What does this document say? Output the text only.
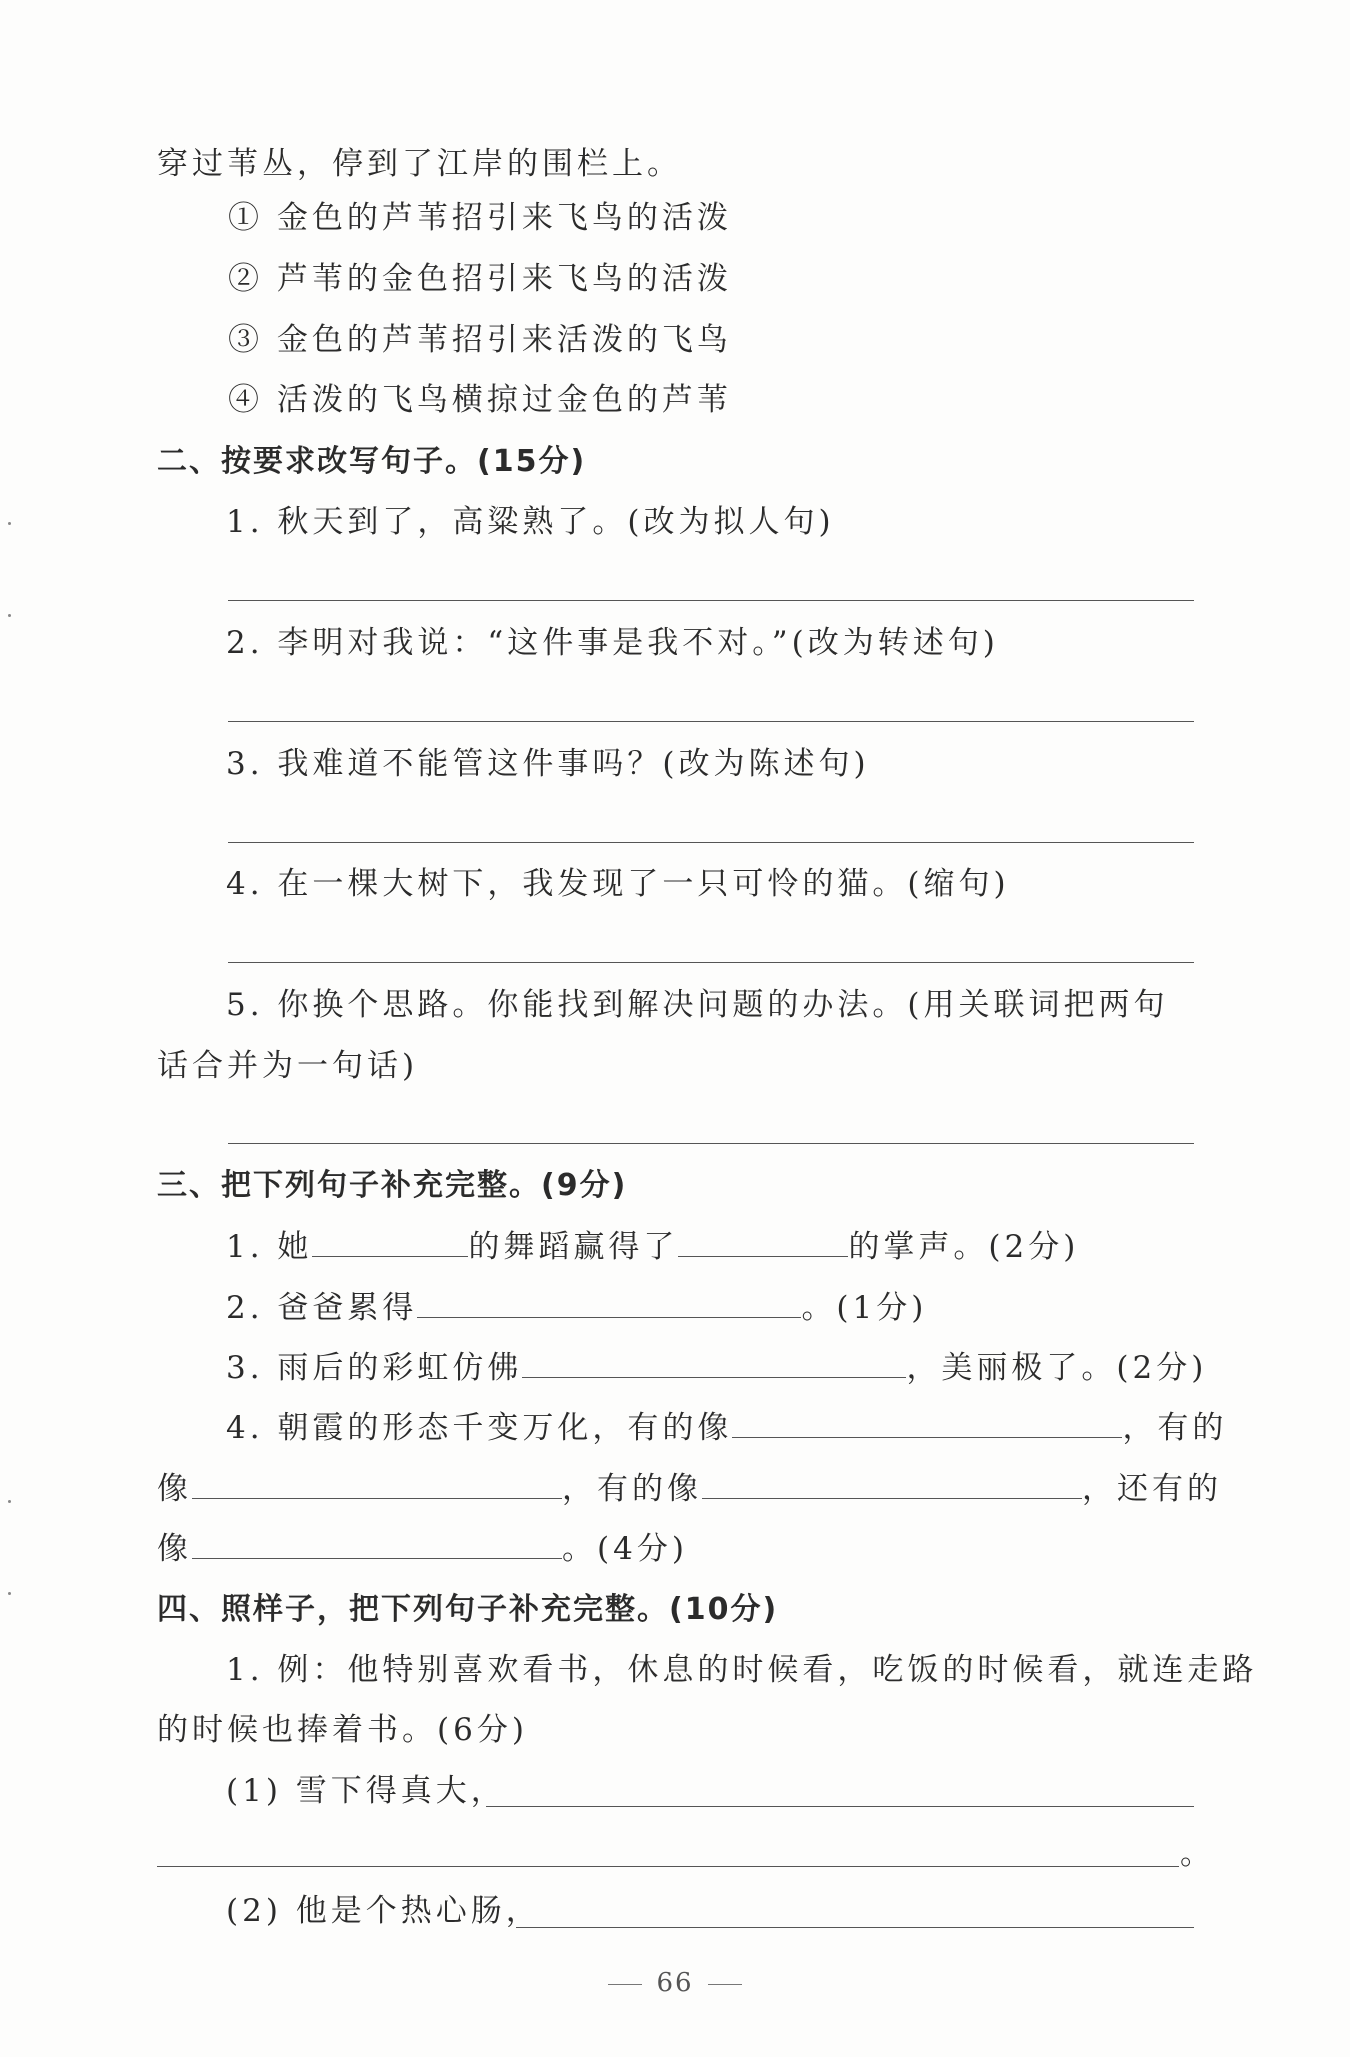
穿过苇丛，停到了江岸的围栏上。
① 金色的芦苇招引来飞鸟的活泼
② 芦苇的金色招引来飞鸟的活泼
③ 金色的芦苇招引来活泼的飞鸟
④ 活泼的飞鸟横掠过金色的芦苇
二、按要求改写句子。(15分)
1. 秋天到了，高粱熟了。(改为拟人句)
2. 李明对我说：“这件事是我不对。”(改为转述句)
3. 我难道不能管这件事吗？(改为陈述句)
4. 在一棵大树下，我发现了一只可怜的猫。(缩句)
5. 你换个思路。你能找到解决问题的办法。(用关联词把两句
话合并为一句话)
三、把下列句子补充完整。(9分)
1. 她	的舞蹈赢得了	的掌声。(2分)
2. 爸爸累得	。(1分)
3. 雨后的彩虹仿佛	，美丽极了。(2分)
4. 朝霞的形态千变万化，有的像	，有的
像	，有的像	，还有的
像	。(4分)
四、照样子，把下列句子补充完整。(10分)
1. 例：他特别喜欢看书，休息的时候看，吃饭的时候看，就连走路
的时候也捧着书。(6分)
(1) 雪下得真大，
。
(2) 他是个热心肠，
66
